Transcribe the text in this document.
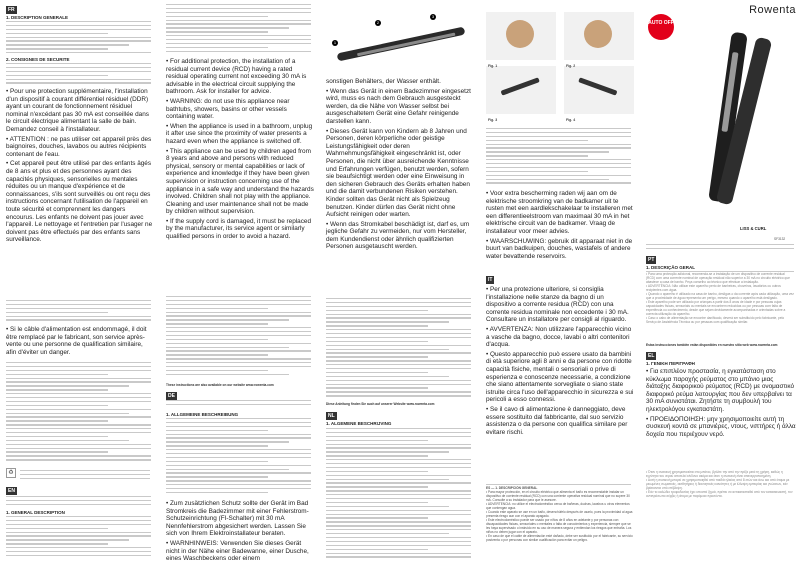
FR
1. DESCRIPTION GENERALE
2. CONSIGNES DE SECURITE
• Pour une protection supplémentaire, l'installation d'un dispositif à courant différentiel résiduel (DDR) ayant un courant de fonctionnement résiduel nominal n'excédant pas 30 mA est conseillée dans le circuit électrique alimentant la salle de bain. Demandez conseil à l'installateur.
• ATTENTION : ne pas utiliser cet appareil près des baignoires, douches, lavabos ou autres récipients contenant de l'eau.
• Cet appareil peut être utilisé par des enfants âgés de 8 ans et plus et des personnes ayant des capacités physiques, sensorielles ou mentales réduites ou un manque d'expérience et de connaissances, s'ils sont surveillés ou ont reçu des instructions concernant l'utilisation de l'appareil en toute sécurité et comprennent les dangers encourus. Les enfants ne doivent pas jouer avec l'appareil. Le nettoyage et l'entretien par l'usager ne doivent pas être effectués par des enfants sans surveillance.
• Si le câble d'alimentation est endommagé, il doit être remplacé par le fabricant, son service après-vente ou une personne de qualification similaire, afin d'éviter un danger.
♻
EN
1. GENERAL DESCRIPTION
• For additional protection, the installation of a residual current device (RCD) having a rated residual operating current not exceeding 30 mA is advisable in the electrical circuit supplying the bathroom. Ask for installer for advice.
• WARNING: do not use this appliance near bathtubs, showers, basins or other vessels containing water.
• When the appliance is used in a bathroom, unplug it after use since the proximity of water presents a hazard even when the appliance is switched off.
• This appliance can be used by children aged from 8 years and above and persons with reduced physical, sensory or mental capabilities or lack of experience and knowledge if they have been given supervision or instruction concerning use of the appliance in a safe way and understand the hazards involved. Children shall not play with the appliance. Cleaning and user maintenance shall not be made by children without supervision.
• If the supply cord is damaged, it must be replaced by the manufacturer, its service agent or similarly qualified persons in order to avoid a hazard.
These instructions are also available on our website www.rowenta.com
DE
1. ALLGEMEINE BESCHREIBUNG
• Zum zusätzlichen Schutz sollte der Gerät im Bad Stromkreis die Badezimmer mit einer Fehlerstrom-Schutzeinrichtung (FI-Schalter) mit 30 mA Nennfehlerstrom abgesichert werden. Lassen Sie sich von Ihrem Elektroinstallateur beraten.
• WARNHINWEIS: Verwenden Sie dieses Gerät nicht in der Nähe einer Badewanne, einer Dusche, eines Waschbeckens oder einem
1
2
3
sonstigen Behälters, der Wasser enthält.
• Wenn das Gerät in einem Badezimmer eingesetzt wird, muss es nach dem Gebrauch ausgesteckt werden, da die Nähe von Wasser selbst bei ausgeschaltetem Gerät eine Gefahr reinigende darstellen kann.
• Dieses Gerät kann von Kindern ab 8 Jahren und Personen, deren körperliche oder geistige Leistungsfähigkeit oder deren Wahrnehmungsfähigkeit eingeschränkt ist, oder Personen, die nicht über ausreichende Kenntnisse und Erfahrungen verfügen, benutzt werden, sofern sie beaufsichtigt werden oder eine Einweisung in den sicheren Gebrauch des Geräts erhalten haben und die damit verbundenen Risiken verstehen. Kinder sollten das Gerät nicht als Spielzeug benutzen. Kinder dürfen das Gerät nicht ohne Aufsicht reinigen oder warten.
• Wenn das Stromkabel beschädigt ist, darf es, um jegliche Gefahr zu vermeiden, nur vom Hersteller, dem Kundendienst oder ähnlich qualifizierten Personen ausgetauscht werden.
Diese Anleitung finden Sie auch auf unserer Website www.rowenta.com
NL
1. ALGEMENE BESCHRIJVING
Fig. 1	Fig. 2
Fig. 3	Fig. 4
• Voor extra bescherming raden wij aan om de elektrische stroomkring van de badkamer uit te rusten met een aardlekschakelaar te installeren met een differentieelstroom van maximaal 30 mA in het elektrische circuit van de badkamer. Vraag de installateur voor meer advies.
• WAARSCHUWING: gebruik dit apparaat niet in de buurt van badkuipen, douches, wastafels of andere water bevattende reservoirs.
IT
• Per una protezione ulteriore, si consiglia l'installazione nelle stanze da bagno di un dispositivo a corrente residua (RCD) con una corrente residua nominale non eccedente i 30 mA. Consultare un installatore per consigli al riguardo.
• AVVERTENZA: Non utilizzare l'apparecchio vicino a vasche da bagno, docce, lavabi o altri contenitori d'acqua.
• Questo apparecchio può essere usato da bambini di età superiore agli 8 anni e da persone con ridotte capacità fisiche, mentali o sensoriali o prive di esperienza e conoscenze necessarie, a condizione che siano attentamente sorvegliate o siano state istruite circa l'uso dell'apparecchio in sicurezza e sui pericoli a esso connessi.
• Se il cavo di alimentazione è danneggiato, deve essere sostituito dal fabbricante, dal suo servizio assistenza o da persone con qualifica similare per evitare rischi.
ES — 1. DESCRIPCIÓN GENERAL
• Para mayor protección, en el circuito eléctrico que alimenta el baño es recomendable instalar un dispositivo de corriente residual (RCD) con una corriente operativa residual nominal que no supere 30 mA. Consulte a su instalador para que le asesore.
• ADVERTENCIA: no utilice el electrodoméstico cerca de bañeras, duchas, lavabos u otros elementos que contengan agua.
• Cuando este aparato se use en un baño, desenchúfelo después de usarlo, pues la proximidad al agua presenta riesgo aun con el aparato apagado.
• Este electrodoméstico puede ser usado por niños de 8 años en adelante y por personas con discapacidades físicas, sensoriales o mentales o falta de conocimientos y experiencia, siempre que se les haya supervisado o instruido en su uso de manera segura y entiendan los riesgos que entraña. Los niños no deben jugar con el aparato.
• En caso de que el cable de alimentación esté dañado, debe ser sustituido por el fabricante, su servicio postventa o por personas con similar cualificación para evitar un peligro.
Rowenta
AUTO OFF
LISS & CURL
SF3132
PT
1. DESCRIÇÃO GERAL
Estas instrucciones también están disponibles en nuestro sitio web www.rowenta.com
EL
1. ΓΕΝΙΚΗ ΠΕΡΙΓΡΑΦΗ
• Για επιπλέον προστασία, η εγκατάσταση στο κύκλωμα παροχής ρεύματος στο μπάνιο μιας διάταξης διαφορικού ρεύματος (RCD) με ονομαστικό διαφορικό ρεύμα λειτουργίας που δεν υπερβαίνει τα 30 mA συνιστάται. Ζητήστε τη συμβουλή του ηλεκτρολόγου εγκαταστάτη.
• ΠΡΟΕΙΔΟΠΟΙΗΣΗ: μην χρησιμοποιείτε αυτή τη συσκευή κοντά σε μπανιέρες, ντους, νιπτήρες ή άλλα δοχεία που περιέχουν νερό.
• Para uma protecção adicional, recomenda-se a instalação de um dispositivo de corrente residual (RCD) com uma corrente nominal de operação residual não superior a 30 mA no circuito eléctrico que abastece a casa de banho. Peça conselho ao técnico que efectuar a instalação.
• ADVERTÊNCIA: Não utilizar este aparelho perto de banheiras, chuveiros, lavatórios ou outros recipientes com água.
• Quando o aparelho é utilizado na casa de banho, desligue-o da corrente após cada utilização, uma vez que a proximidade de água representa um perigo, mesmo quando o aparelho está desligado.
• Este aparelho pode ser utilizado por crianças a partir dos 8 anos de idade e por pessoas cujas capacidades físicas, sensoriais ou mentais se encontrem reduzidas ou por pessoas com falta de experiência ou conhecimento, desde que sejam devidamente acompanhadas e orientadas sobre a correcta utilização do aparelho.
• Caso o cabo de alimentação se encontre danificado, deverá ser substituído pelo fabricante, pelo Serviço de Assistência Técnica ou por pessoas com qualificação similar.
• Όταν η συσκευή χρησιμοποιείται στο μπάνιο, βγάλτε την από την πρίζα μετά τη χρήση, καθώς η εγγύτητα του νερού αποτελεί κίνδυνο ακόμα και όταν η συσκευή είναι απενεργοποιημένη.
• Αυτή η συσκευή μπορεί να χρησιμοποιηθεί από παιδιά ηλικίας από 8 ετών και άνω και από άτομα με μειωμένες σωματικές, αισθητήριες ή διανοητικές ικανότητες ή με έλλειψη εμπειρίας και γνώσεων, εάν βρίσκονται υπό επίβλεψη.
• Εάν το καλώδιο τροφοδοσίας έχει υποστεί ζημιά, πρέπει να αντικατασταθεί από τον κατασκευαστή, τον αντιπρόσωπο σέρβις ή άτομα με παρόμοια προσόντα.
